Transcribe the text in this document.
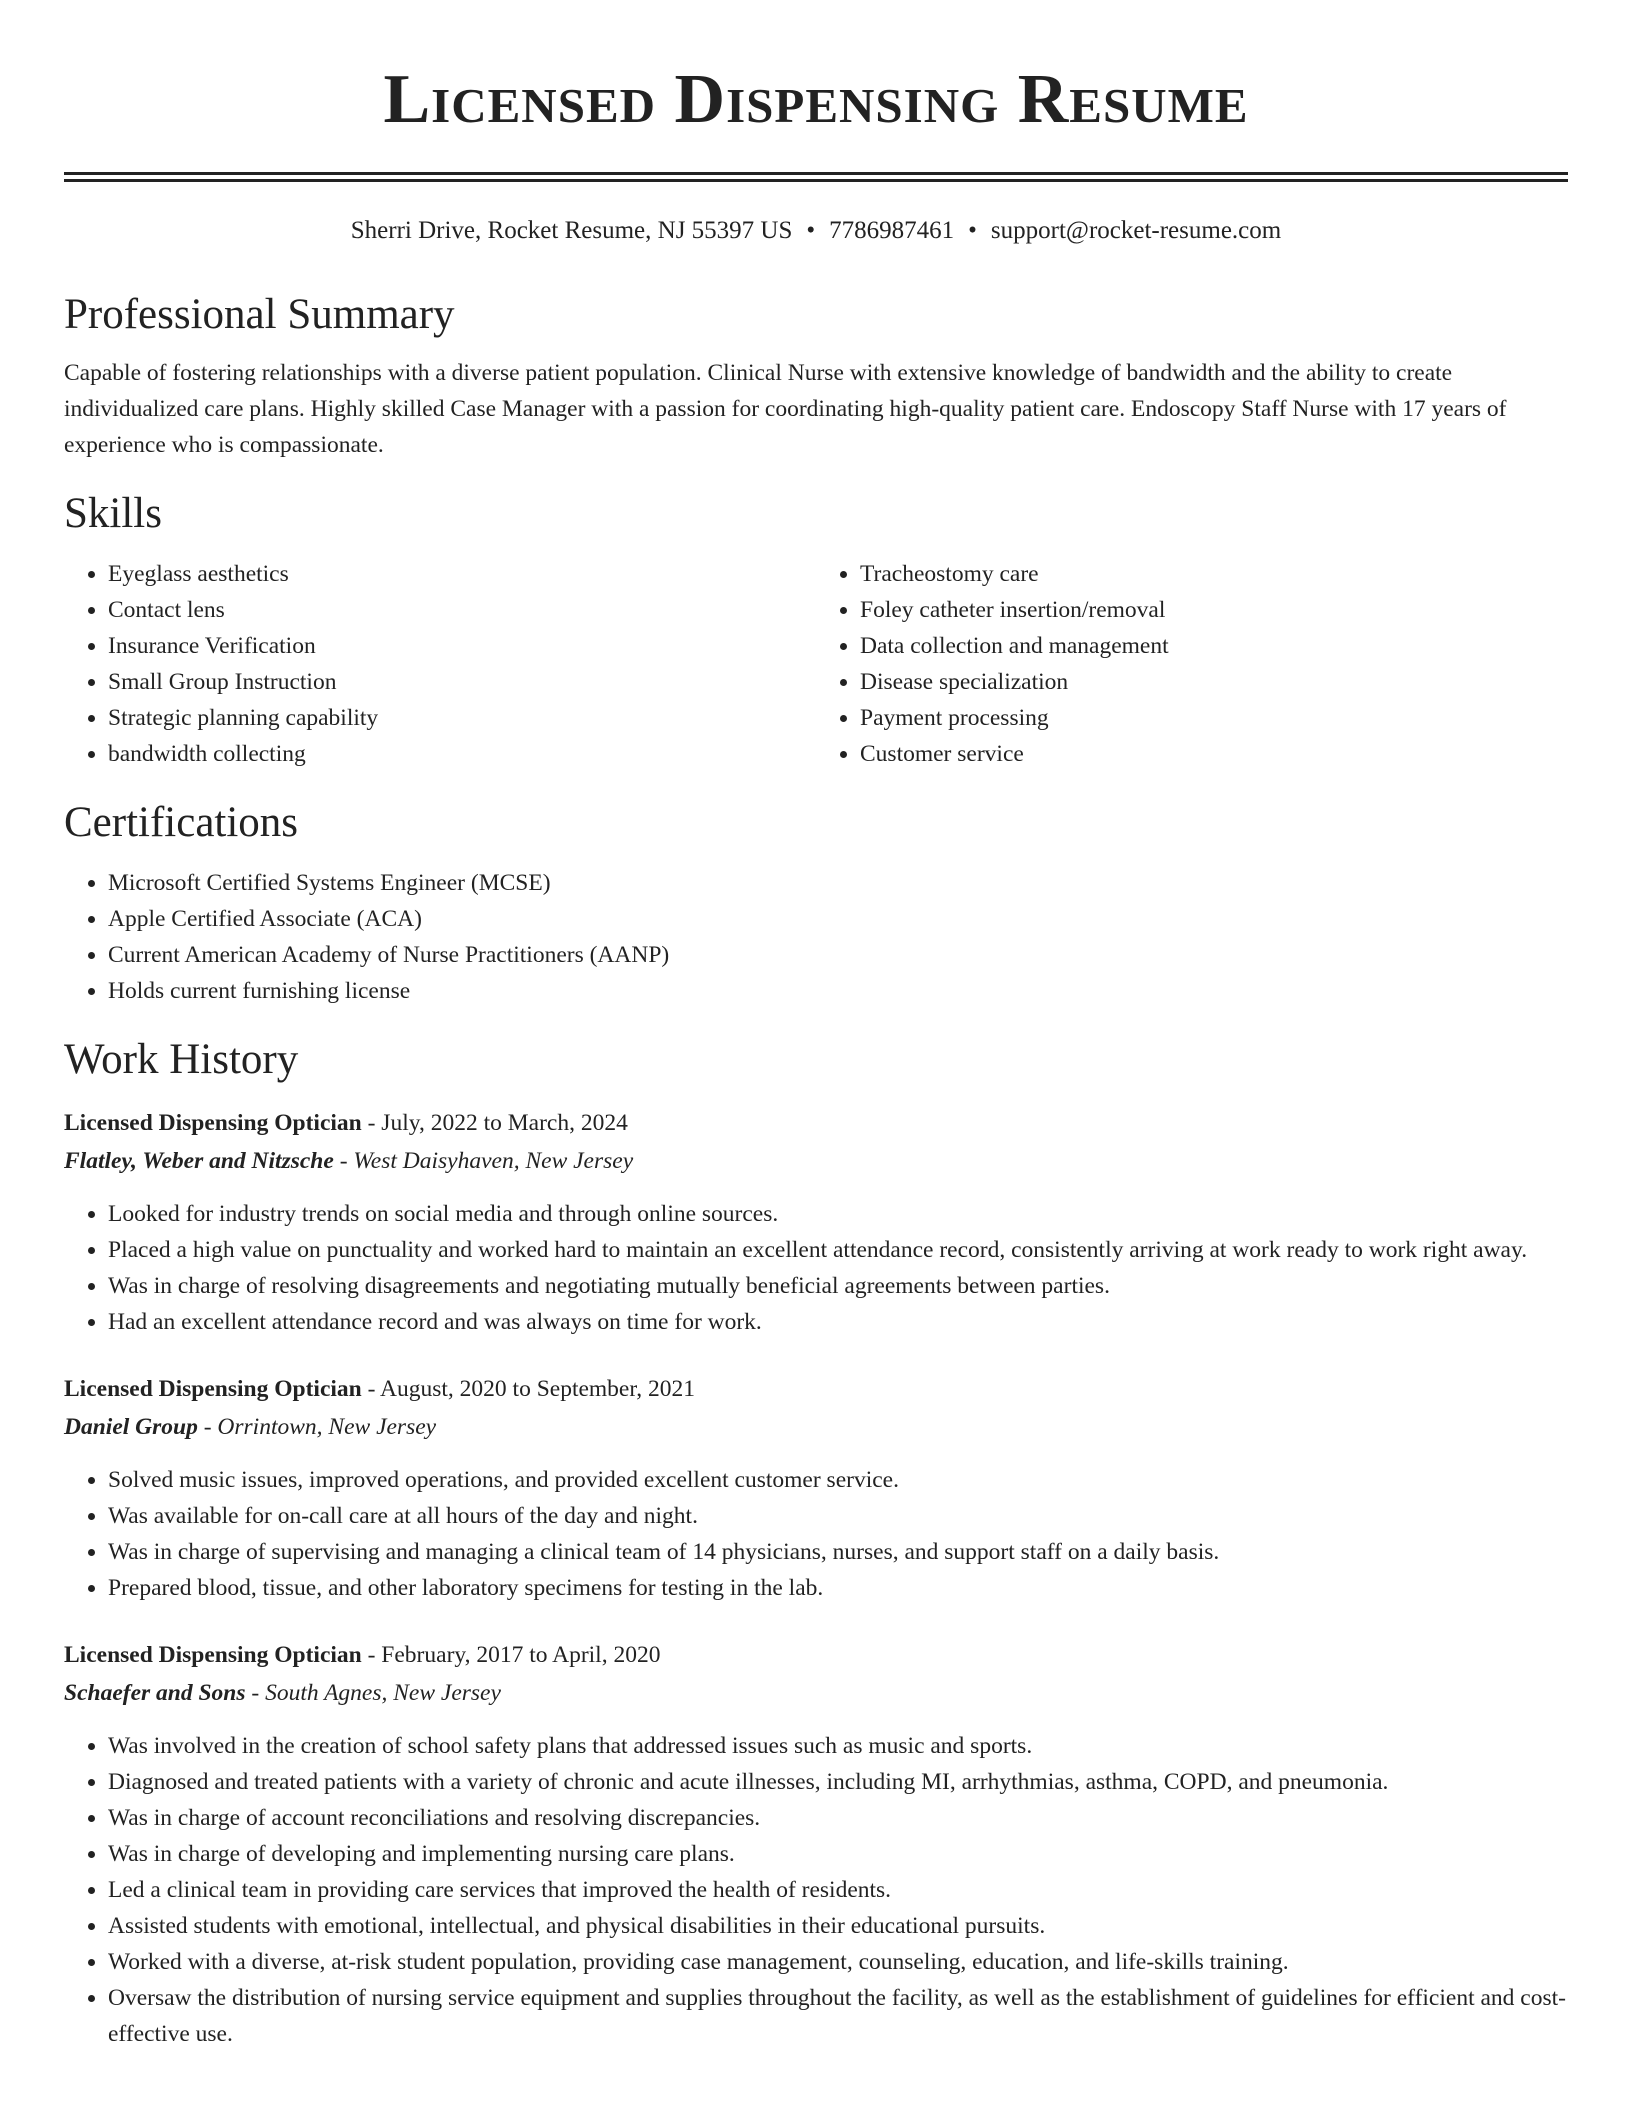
Licensed Dispensing Resume
Sherri Drive, Rocket Resume, NJ 55397 US • 7786987461 • support@rocket-resume.com
Professional Summary

Capable of fostering relationships with a diverse patient population. Clinical Nurse with extensive knowledge of bandwidth and the ability to create individualized care plans. Highly skilled Case Manager with a passion for coordinating high-quality patient care. Endoscopy Staff Nurse with 17 years of experience who is compassionate.

Skills
• Eyeglass aesthetics
• Contact lens
• Insurance Verification
• Small Group Instruction
• Strategic planning capability
• bandwidth collecting
• Tracheostomy care
• Foley catheter insertion/removal
• Data collection and management
• Disease specialization
• Payment processing
• Customer service
Certifications
• Microsoft Certified Systems Engineer (MCSE)
• Apple Certified Associate (ACA)
• Current American Academy of Nurse Practitioners (AANP)
• Holds current furnishing license
Work History
Licensed Dispensing Optician - July, 2022 to March, 2024
Flatley, Weber and Nitzsche - West Daisyhaven, New Jersey
• Looked for industry trends on social media and through online sources.
• Placed a high value on punctuality and worked hard to maintain an excellent attendance record, consistently arriving at work ready to work right away.
• Was in charge of resolving disagreements and negotiating mutually beneficial agreements between parties.
• Had an excellent attendance record and was always on time for work.
Licensed Dispensing Optician - August, 2020 to September, 2021
Daniel Group - Orrintown, New Jersey
• Solved music issues, improved operations, and provided excellent customer service.
• Was available for on-call care at all hours of the day and night.
• Was in charge of supervising and managing a clinical team of 14 physicians, nurses, and support staff on a daily basis.
• Prepared blood, tissue, and other laboratory specimens for testing in the lab.
Licensed Dispensing Optician - February, 2017 to April, 2020
Schaefer and Sons - South Agnes, New Jersey
• Was involved in the creation of school safety plans that addressed issues such as music and sports.
• Diagnosed and treated patients with a variety of chronic and acute illnesses, including MI, arrhythmias, asthma, COPD, and pneumonia.
• Was in charge of account reconciliations and resolving discrepancies.
• Was in charge of developing and implementing nursing care plans.
• Led a clinical team in providing care services that improved the health of residents.
• Assisted students with emotional, intellectual, and physical disabilities in their educational pursuits.
• Worked with a diverse, at-risk student population, providing case management, counseling, education, and life-skills training.
• Oversaw the distribution of nursing service equipment and supplies throughout the facility, as well as the establishment of guidelines for efficient and cost-effective use.
